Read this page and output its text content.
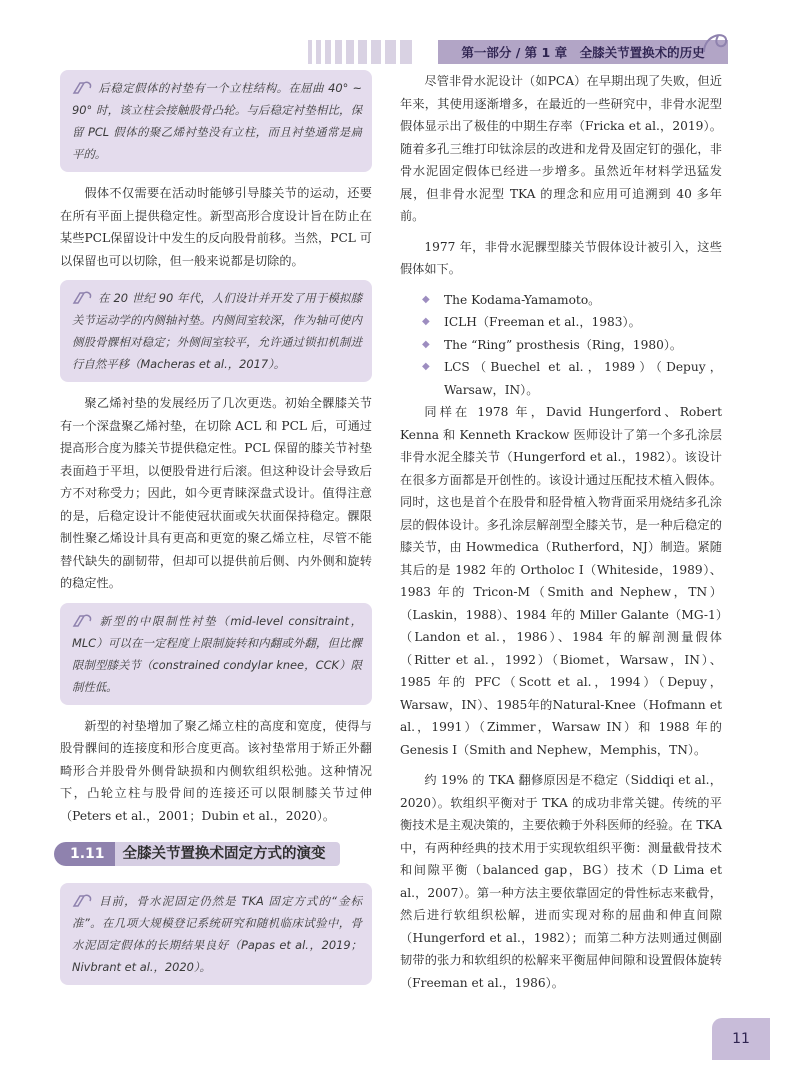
第一部分 / 第 1 章　全膝关节置换术的历史
后稳定假体的衬垫有一个立柱结构。在屈曲 40° ~ 90° 时，该立柱会接触股骨凸轮。与后稳定衬垫相比，保留 PCL 假体的聚乙烯衬垫没有立柱，而且衬垫通常是扁平的。

假体不仅需要在活动时能够引导膝关节的运动，还要在所有平面上提供稳定性。新型高形合度设计旨在防止在某些PCL保留设计中发生的反向股骨前移。当然，PCL 可以保留也可以切除，但一般来说都是切除的。

在 20 世纪 90 年代，人们设计并开发了用于模拟膝关节运动学的内侧轴衬垫。内侧间室较深，作为轴可使内侧股骨髁相对稳定；外侧间室较平，允许通过锁扣机制进行自然平移（Macheras et al.，2017）。

聚乙烯衬垫的发展经历了几次更迭。初始全髁膝关节有一个深盘聚乙烯衬垫，在切除 ACL 和 PCL 后，可通过提高形合度为膝关节提供稳定性。PCL 保留的膝关节衬垫表面趋于平坦，以便股骨进行后滚。但这种设计会导致后方不对称受力；因此，如今更青睐深盘式设计。值得注意的是，后稳定设计不能使冠状面或矢状面保持稳定。髁限制性聚乙烯设计具有更高和更宽的聚乙烯立柱，尽管不能替代缺失的副韧带，但却可以提供前后侧、内外侧和旋转的稳定性。

新型的中限制性衬垫（mid-level consitraint，MLC）可以在一定程度上限制旋转和内翻或外翻，但比髁限制型膝关节（constrained condylar knee，CCK）限制性低。

新型的衬垫增加了聚乙烯立柱的高度和宽度，使得与股骨髁间的连接度和形合度更高。该衬垫常用于矫正外翻畸形合并股骨外侧骨缺损和内侧软组织松弛。这种情况下，凸轮立柱与股骨间的连接还可以限制膝关节过伸（Peters et al.，2001；Dubin et al.，2020）。

1.11	全膝关节置换术固定方式的演变
目前，骨水泥固定仍然是 TKA 固定方式的“金标准”。在几项大规模登记系统研究和随机临床试验中，骨水泥固定假体的长期结果良好（Papas et al.，2019；Nivbrant et al.，2020）。

尽管非骨水泥设计（如PCA）在早期出现了失败，但近年来，其使用逐渐增多，在最近的一些研究中，非骨水泥型假体显示出了极佳的中期生存率（Fricka et al.，2019）。随着多孔三维打印钛涂层的改进和龙骨及固定钉的强化，非骨水泥固定假体已经进一步增多。虽然近年材料学迅猛发展，但非骨水泥型 TKA 的理念和应用可追溯到 40 多年前。

1977 年，非骨水泥髁型膝关节假体设计被引入，这些假体如下。

◆ The Kodama-Yamamoto。
◆ ICLH（Freeman et al.，1983）。
◆ The “Ring” prosthesis（Ring，1980）。
◆ LCS（Buechel et al.，1989）（Depuy，Warsaw，IN）。

同样在 1978 年，David Hungerford、Robert Kenna 和 Kenneth Krackow 医师设计了第一个多孔涂层非骨水泥全膝关节（Hungerford et al.，1982）。该设计在很多方面都是开创性的。该设计通过压配技术植入假体。同时，这也是首个在股骨和胫骨植入物背面采用烧结多孔涂层的假体设计。多孔涂层解剖型全膝关节，是一种后稳定的膝关节，由 Howmedica（Rutherford，NJ）制造。紧随其后的是 1982 年的 Ortholoc I（Whiteside，1989）、1983 年的 Tricon-M（Smith and Nephew，TN）（Laskin，1988）、1984 年的 Miller Galante（MG-1）（Landon et al.，1986）、1984 年的解剖测量假体（Ritter et al.，1992）（Biomet，Warsaw，IN）、1985 年的 PFC（Scott et al.，1994）（Depuy，Warsaw，IN）、1985年的Natural-Knee（Hofmann et al.，1991）（Zimmer，Warsaw IN）和 1988 年的 Genesis I（Smith and Nephew，Memphis，TN）。

约 19% 的 TKA 翻修原因是不稳定（Siddiqi et al.，2020）。软组织平衡对于 TKA 的成功非常关键。传统的平衡技术是主观决策的，主要依赖于外科医师的经验。在 TKA 中，有两种经典的技术用于实现软组织平衡：测量截骨技术和间隙平衡（balanced gap，BG）技术（D Lima et al.，2007）。第一种方法主要依靠固定的骨性标志来截骨，然后进行软组织松解，进而实现对称的屈曲和伸直间隙（Hungerford et al.，1982）；而第二种方法则通过侧副韧带的张力和软组织的松解来平衡屈伸间隙和设置假体旋转（Freeman et al.，1986）。

11
